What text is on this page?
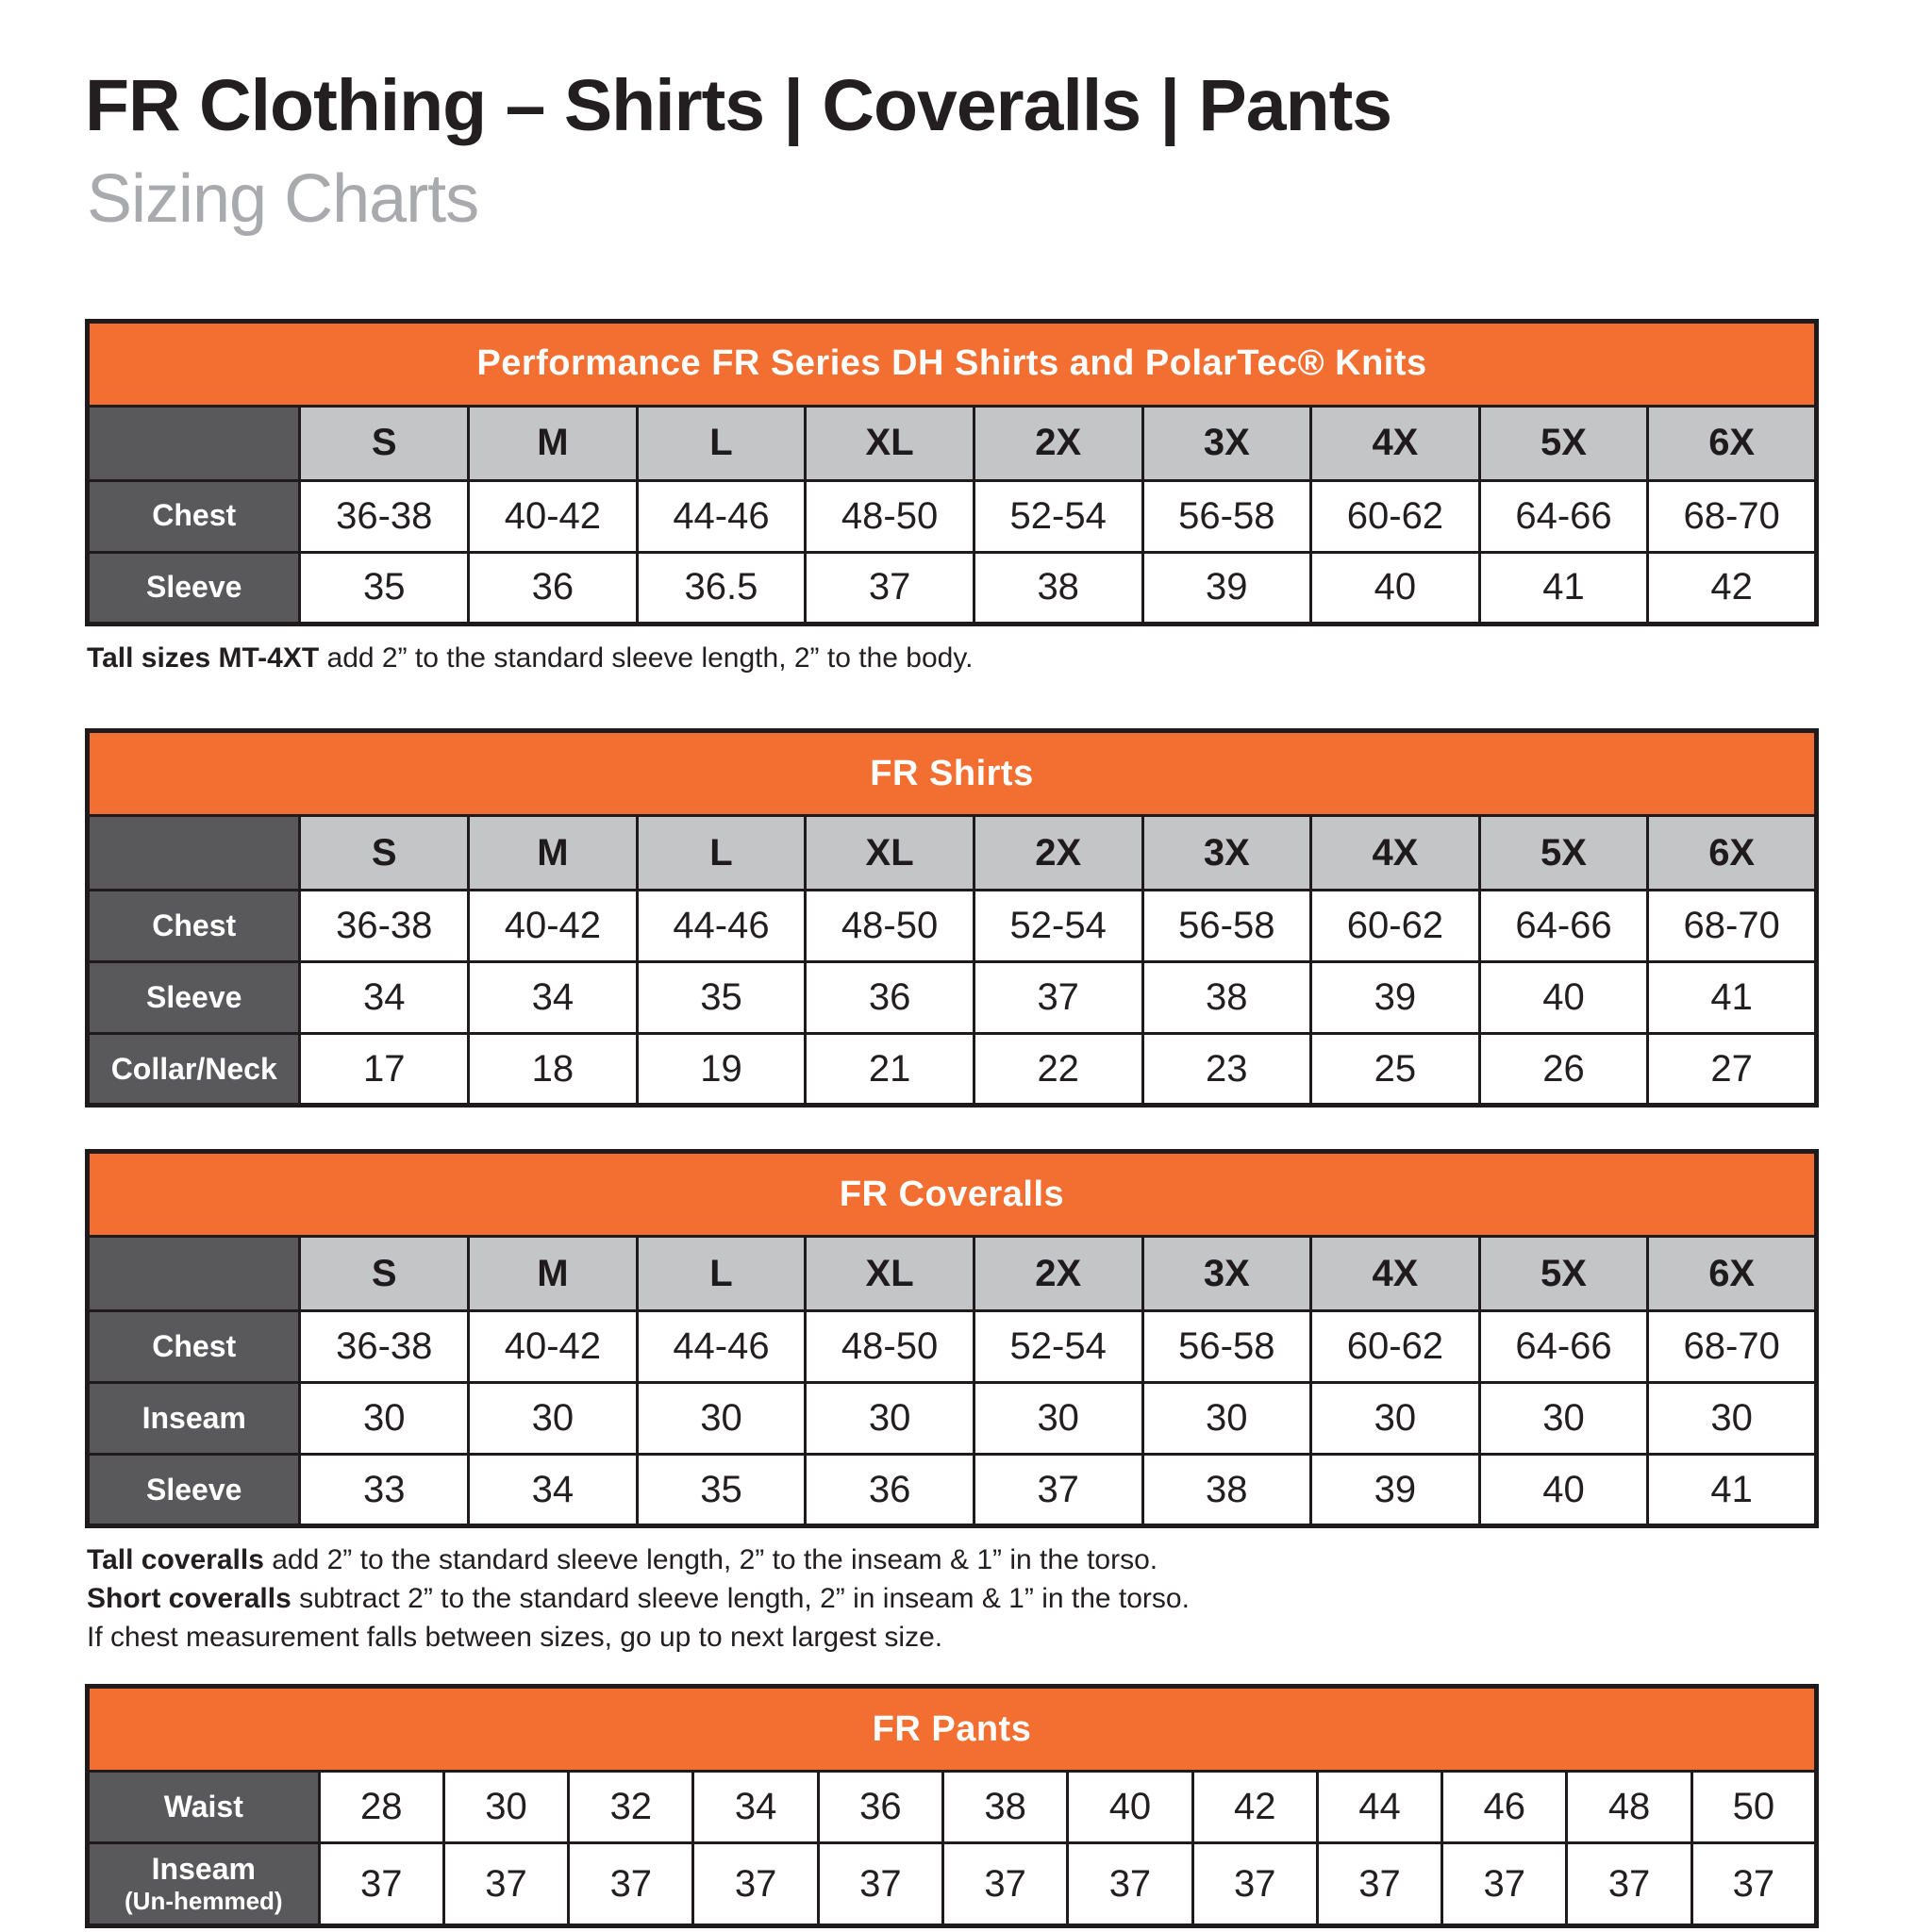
FR Clothing – Shirts | Coveralls | Pants
Sizing Charts
Performance FR Series DH Shirts and PolarTec® Knits									
	S	M	L	XL	2X	3X	4X	5X	6X

Chest	36-38	40-42	44-46	48-50	52-54	56-58	60-62	64-66	68-70

Sleeve	35	36	36.5	37	38	39	40	41	42

Tall sizes MT-4XT add 2” to the standard sleeve length, 2” to the body.

FR Shirts									
	S	M	L	XL	2X	3X	4X	5X	6X

Chest	36-38	40-42	44-46	48-50	52-54	56-58	60-62	64-66	68-70

Sleeve	34	34	35	36	37	38	39	40	41

Collar/Neck	17	18	19	21	22	23	25	26	27
FR Coveralls									
	S	M	L	XL	2X	3X	4X	5X	6X

Chest	36-38	40-42	44-46	48-50	52-54	56-58	60-62	64-66	68-70

Inseam	30	30	30	30	30	30	30	30	30

Sleeve	33	34	35	36	37	38	39	40	41

Tall coveralls add 2” to the standard sleeve length, 2” to the inseam & 1” in the torso.

Short coveralls subtract 2” to the standard sleeve length, 2” in inseam & 1” in the torso.

If chest measurement falls between sizes, go up to next largest size.

FR Pants												

Waist	28	30	32	34	36	38	40	42	44	46	48	50

Inseam
(Un-hemmed)	37	37	37	37	37	37	37	37	37	37	37	37
